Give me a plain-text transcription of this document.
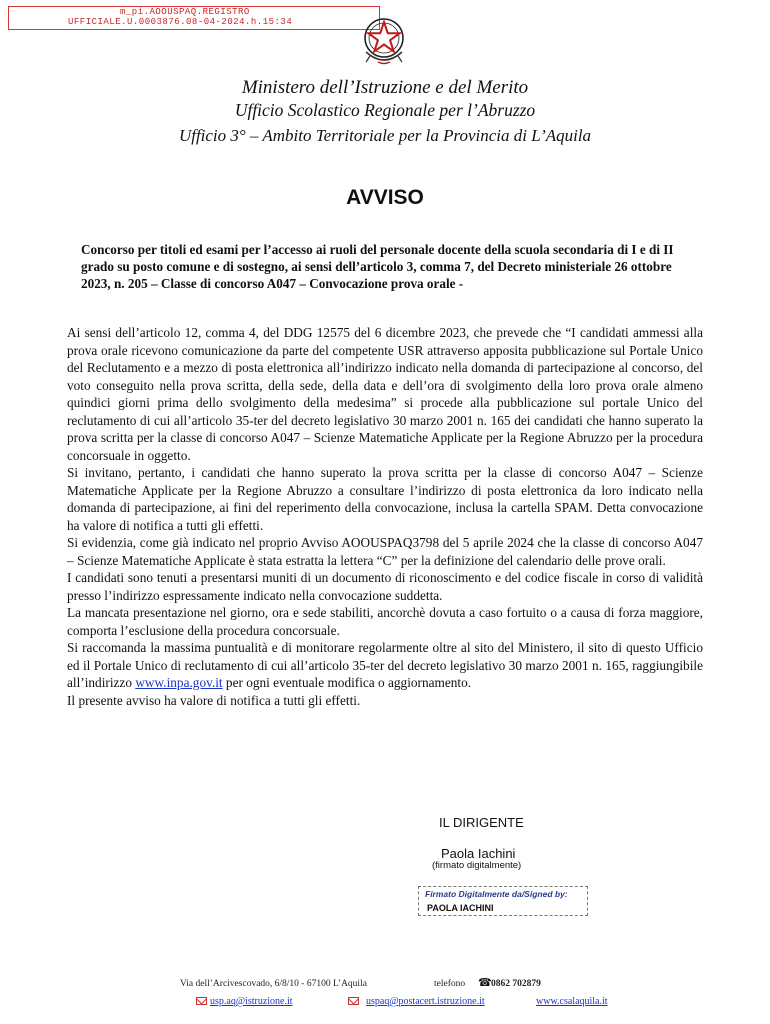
m_pi.AOOUSPAQ.REGISTRO
UFFICIALE.U.0003876.08-04-2024.h.15:34
Ministero dell’Istruzione e del Merito
Ufficio Scolastico Regionale per l’Abruzzo
Ufficio 3° – Ambito Territoriale per la Provincia di L’Aquila
AVVISO
Concorso per titoli ed esami per l’accesso ai ruoli del personale docente della scuola secondaria di I e di II grado su posto comune e di sostegno, ai sensi dell’articolo 3, comma 7, del Decreto ministeriale 26 ottobre 2023, n. 205 – Classe di concorso A047 – Convocazione prova orale -

Ai sensi dell’articolo 12, comma 4, del DDG 12575 del 6 dicembre 2023, che prevede che “I candidati ammessi alla prova orale ricevono comunicazione da parte del competente USR attraverso apposita pubblicazione sul Portale Unico del Reclutamento e a mezzo di posta elettronica all’indirizzo indicato nella domanda di partecipazione al concorso, del voto conseguito nella prova scritta, della sede, della data e dell’ora di svolgimento della loro prova orale almeno quindici giorni prima dello svolgimento della medesima” si procede alla pubblicazione sul portale Unico del reclutamento di cui all’articolo 35-ter del decreto legislativo 30 marzo 2001 n. 165 dei candidati che hanno superato la prova scritta per la classe di concorso A047 – Scienze Matematiche Applicate per la Regione Abruzzo per la procedura concorsuale in oggetto.

Si invitano, pertanto, i candidati che hanno superato la prova scritta per la classe di concorso A047 – Scienze Matematiche Applicate per la Regione Abruzzo a consultare l’indirizzo di posta elettronica da loro indicato nella domanda di partecipazione, ai fini del reperimento della convocazione, inclusa la cartella SPAM. Detta convocazione ha valore di notifica a tutti gli effetti.

Si evidenzia, come già indicato nel proprio Avviso AOOUSPAQ3798 del 5 aprile 2024 che la classe di concorso A047 – Scienze Matematiche Applicate è stata estratta la lettera “C” per la definizione del calendario delle prove orali.

I candidati sono tenuti a presentarsi muniti di un documento di riconoscimento e del codice fiscale in corso di validità presso l’indirizzo espressamente indicato nella convocazione suddetta.

La mancata presentazione nel giorno, ora e sede stabiliti, ancorchè dovuta a caso fortuito o a causa di forza maggiore, comporta l’esclusione della procedura concorsuale.

Si raccomanda la massima puntualità e di monitorare regolarmente oltre al sito del Ministero, il sito di questo Ufficio ed il Portale Unico di reclutamento di cui all’articolo 35-ter del decreto legislativo 30 marzo 2001 n. 165, raggiungibile all’indirizzo www.inpa.gov.it per ogni eventuale modifica o aggiornamento.

Il presente avviso ha valore di notifica a tutti gli effetti.

IL DIRIGENTE
Paola Iachini
(firmato digitalmente)
Firmato Digitalmente da/Signed by:
PAOLA IACHINI
Via dell’Arcivescovado, 6/8/10 - 67100 L’Aquila	telefono ☎ 0862 702879
usp.aq@istruzione.it	uspaq@postacert.istruzione.it	www.csalaquila.it
